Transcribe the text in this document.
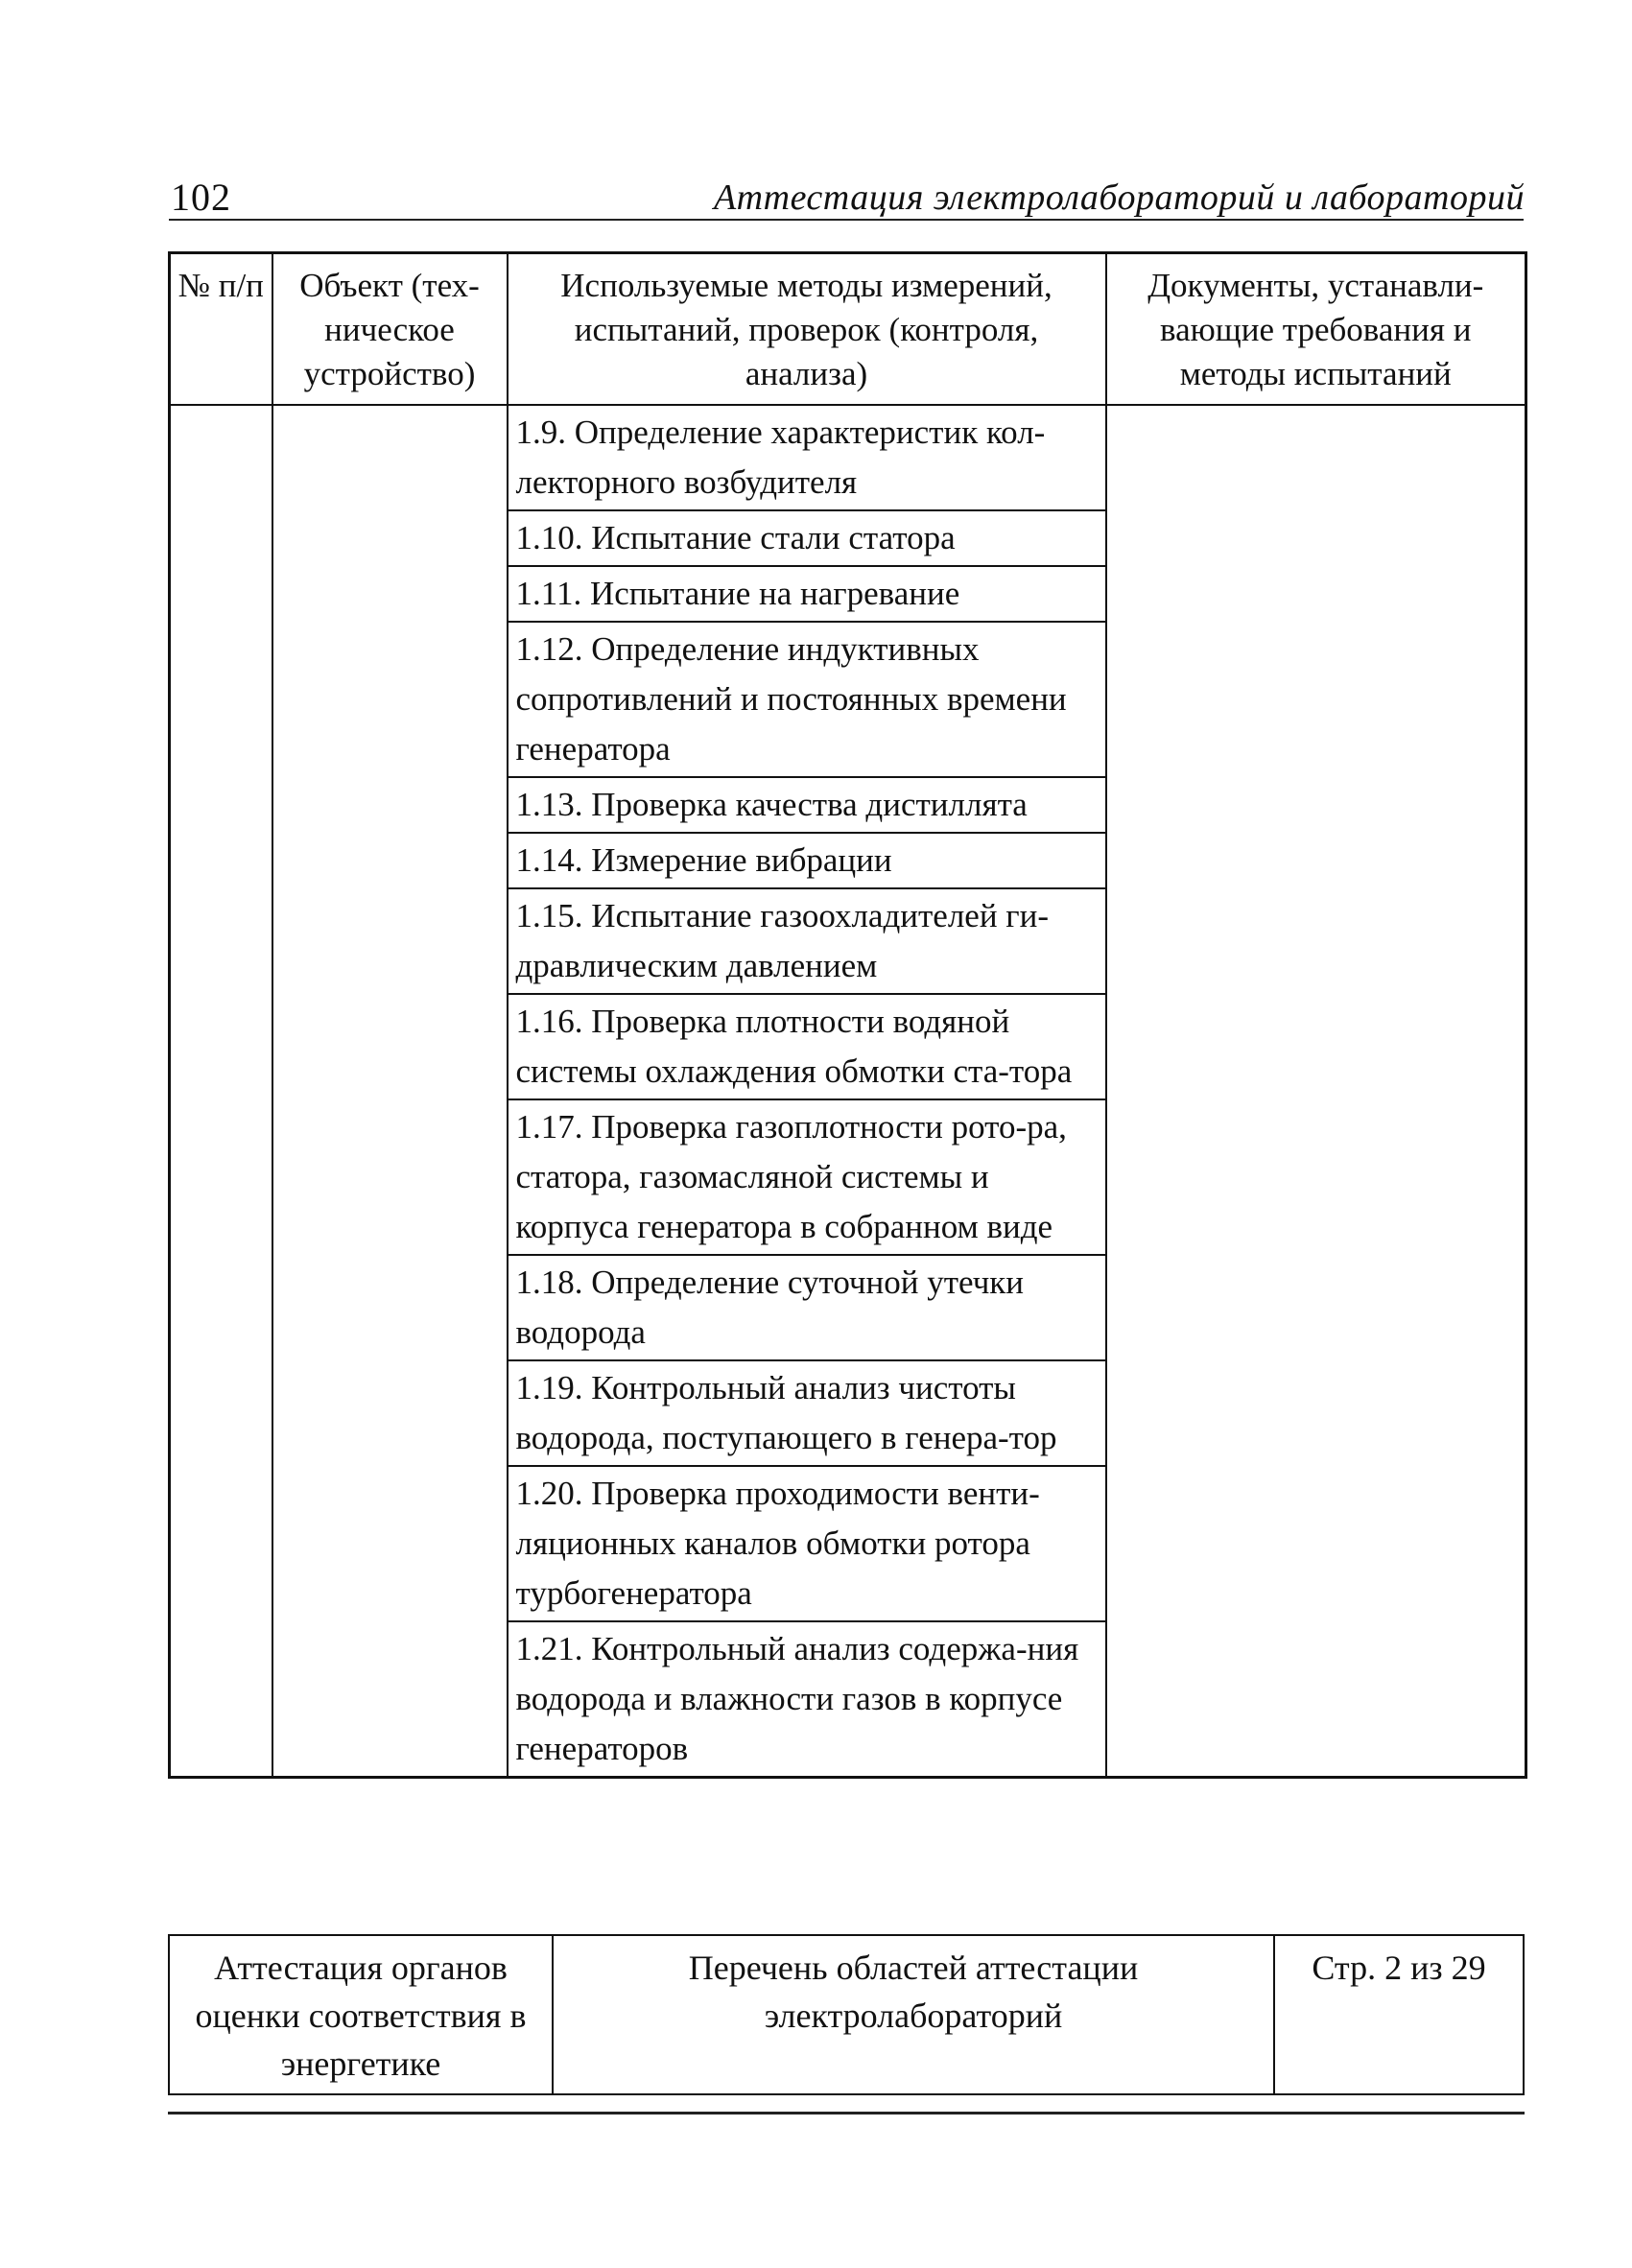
102	Аттестация электролабораторий и лабораторий
№ п/п	Объект (тех-ническое устройство)	Используемые методы измерений, испытаний, проверок (контроля, анализа)	Документы, устанавли-вающие требования и методы испытаний
		1.9. Определение характеристик кол-лекторного возбудителя	
		1.10. Испытание стали статора	
		1.11. Испытание на нагревание	
		1.12. Определение индуктивных сопротивлений и постоянных времени генератора	
		1.13. Проверка качества дистиллята	
		1.14. Измерение вибрации	
		1.15. Испытание газоохладителей ги-дравлическим давлением	
		1.16. Проверка плотности водяной системы охлаждения обмотки ста-тора	
		1.17. Проверка газоплотности рото-ра, статора, газомасляной системы и корпуса генератора в собранном виде	
		1.18. Определение суточной утечки водорода	
		1.19. Контрольный анализ чистоты водорода, поступающего в генера-тор	
		1.20. Проверка проходимости венти-ляционных каналов обмотки ротора турбогенератора	
		1.21. Контрольный анализ содержа-ния водорода и влажности газов в корпусе генераторов	
Аттестация органов оценки соответствия в энергетике	Перечень областей аттестации электролабораторий	Стр. 2 из 29
